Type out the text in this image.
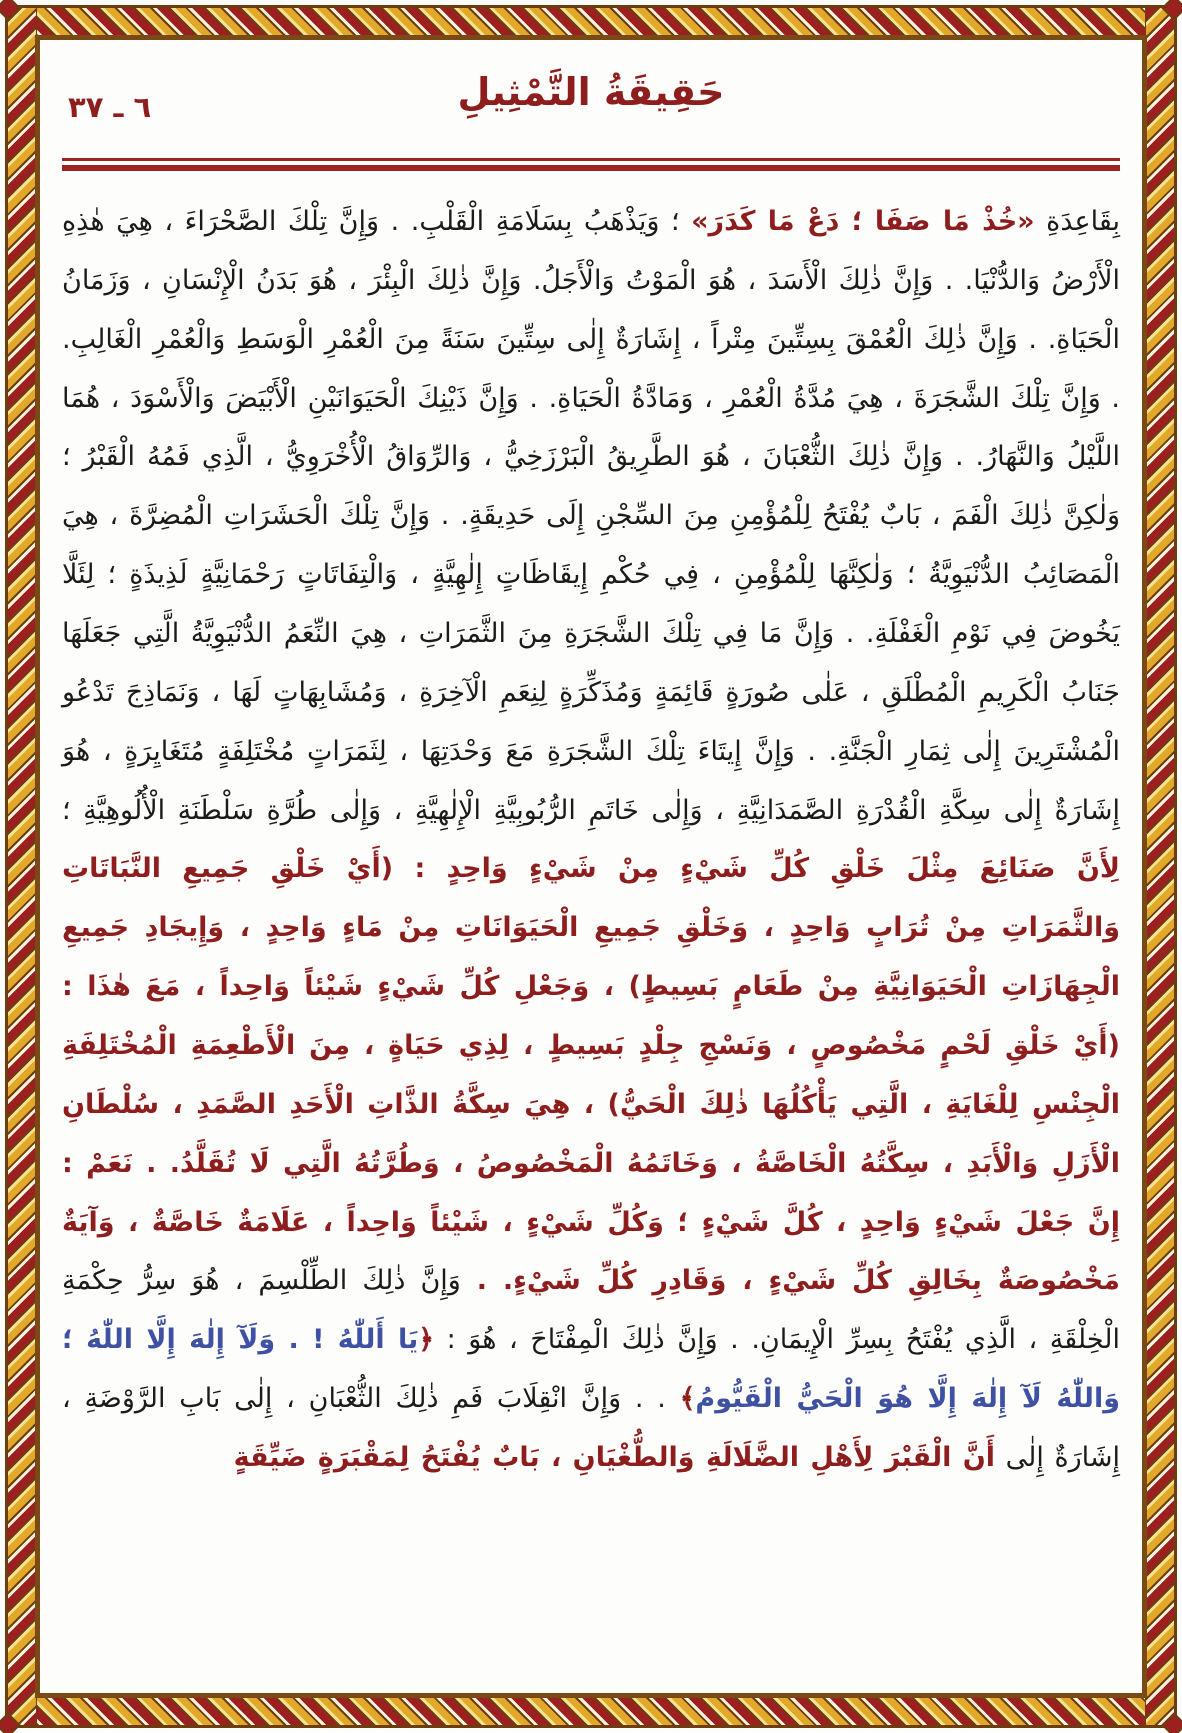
٦ ـ ٣٧	حَقِيقَةُ التَّمْثِيلِ

بِقَاعِدَةِ «خُذْ مَا صَفَا ؛ دَعْ مَا كَدَرَ» ؛ وَيَذْهَبُ بِسَلَامَةِ الْقَلْبِ. . وَإِنَّ تِلْكَ الصَّحْرَاءَ ، هِيَ هٰذِهِ الْأَرْضُ وَالدُّنْيَا. . وَإِنَّ ذٰلِكَ الْأَسَدَ ، هُوَ الْمَوْتُ وَالْأَجَلُ. وَإِنَّ ذٰلِكَ الْبِئْرَ ، هُوَ بَدَنُ الْإِنْسَانِ ، وَزَمَانُ الْحَيَاةِ. . وَإِنَّ ذٰلِكَ الْعُمْقَ بِسِتِّينَ مِتْراً ، إِشَارَةٌ إِلٰى سِتِّينَ سَنَةً مِنَ الْعُمْرِ الْوَسَطِ وَالْعُمْرِ الْغَالِبِ. . وَإِنَّ تِلْكَ الشَّجَرَةَ ، هِيَ مُدَّةُ الْعُمْرِ ، وَمَادَّةُ الْحَيَاةِ. . وَإِنَّ ذَيْنِكَ الْحَيَوَانَيْنِ الْأَبْيَضَ وَالْأَسْوَدَ ، هُمَا اللَّيْلُ وَالنَّهَارُ. . وَإِنَّ ذٰلِكَ الثُّعْبَانَ ، هُوَ الطَّرِيقُ الْبَرْزَخِيُّ ، وَالرِّوَاقُ الْأُخْرَوِيُّ ، الَّذِي فَمُهُ الْقَبْرُ ؛ وَلٰكِنَّ ذٰلِكَ الْفَمَ ، بَابٌ يُفْتَحُ لِلْمُؤْمِنِ مِنَ السِّجْنِ إِلَى حَدِيقَةٍ. . وَإِنَّ تِلْكَ الْحَشَرَاتِ الْمُضِرَّةَ ، هِيَ الْمَصَائِبُ الدُّنْيَوِيَّةُ ؛ وَلٰكِنَّهَا لِلْمُؤْمِنِ ، فِي حُكْمِ إِيقَاظَاتٍ إِلٰهِيَّةٍ ، وَالْتِفَاتَاتٍ رَحْمَانِيَّةٍ لَذِيذَةٍ ؛ لِئَلَّا يَخُوضَ فِي نَوْمِ الْغَفْلَةِ. . وَإِنَّ مَا فِي تِلْكَ الشَّجَرَةِ مِنَ الثَّمَرَاتِ ، هِيَ النِّعَمُ الدُّنْيَوِيَّةُ الَّتِي جَعَلَهَا جَنَابُ الْكَرِيمِ الْمُطْلَقِ ، عَلٰى صُورَةٍ قَائِمَةٍ وَمُذَكِّرَةٍ لِنِعَمِ الْآخِرَةِ ، وَمُشَابِهَاتٍ لَهَا ، وَنَمَاذِجَ تَدْعُو الْمُشْتَرِينَ إِلٰى ثِمَارِ الْجَنَّةِ. . وَإِنَّ إِيتَاءَ تِلْكَ الشَّجَرَةِ مَعَ وَحْدَتِهَا ، لِثَمَرَاتٍ مُخْتَلِفَةٍ مُتَغَايِرَةٍ ، هُوَ إِشَارَةٌ إِلٰى سِكَّةِ الْقُدْرَةِ الصَّمَدَانِيَّةِ ، وَإِلٰى خَاتَمِ الرُّبُوبِيَّةِ الْإِلٰهِيَّةِ ، وَإِلٰى طُرَّةِ سَلْطَنَةِ الْأُلُوهِيَّةِ ؛ لِأَنَّ صَنَائِعَ مِثْلَ خَلْقِ كُلِّ شَيْءٍ مِنْ شَيْءٍ وَاحِدٍ : (أَيْ خَلْقِ جَمِيعِ النَّبَاتَاتِ وَالثَّمَرَاتِ مِنْ تُرَابٍ وَاحِدٍ ، وَخَلْقِ جَمِيعِ الْحَيَوَانَاتِ مِنْ مَاءٍ وَاحِدٍ ، وَإِيجَادِ جَمِيعِ الْجِهَازَاتِ الْحَيَوَانِيَّةِ مِنْ طَعَامٍ بَسِيطٍ) ، وَجَعْلِ كُلِّ شَيْءٍ شَيْئاً وَاحِداً ، مَعَ هٰذَا : (أَيْ خَلْقِ لَحْمٍ مَخْصُوصٍ ، وَنَسْجِ جِلْدٍ بَسِيطٍ ، لِذِي حَيَاةٍ ، مِنَ الْأَطْعِمَةِ الْمُخْتَلِفَةِ الْجِنْسِ لِلْغَايَةِ ، الَّتِي يَأْكُلُهَا ذٰلِكَ الْحَيُّ) ، هِيَ سِكَّةُ الذَّاتِ الْأَحَدِ الصَّمَدِ ، سُلْطَانِ الْأَزَلِ وَالْأَبَدِ ، سِكَّتُهُ الْخَاصَّةُ ، وَخَاتَمُهُ الْمَخْصُوصُ ، وَطُرَّتُهُ الَّتِي لَا تُقَلَّدُ. . نَعَمْ : إِنَّ جَعْلَ شَيْءٍ وَاحِدٍ ، كُلَّ شَيْءٍ ؛ وَكُلِّ شَيْءٍ ، شَيْئاً وَاحِداً ، عَلَامَةٌ خَاصَّةٌ ، وَآيَةٌ مَخْصُوصَةٌ بِخَالِقِ كُلِّ شَيْءٍ ، وَقَادِرِ كُلِّ شَيْءٍ. . وَإِنَّ ذٰلِكَ الطِّلْسِمَ ، هُوَ سِرُّ حِكْمَةِ الْخِلْقَةِ ، الَّذِي يُفْتَحُ بِسِرِّ الْإِيمَانِ. . وَإِنَّ ذٰلِكَ الْمِفْتَاحَ ، هُوَ : ﴿يَا أَللّٰهُ ! . وَلَآ إِلٰهَ إِلَّا اللّٰهُ ؛ وَاللّٰهُ لَآ إِلٰهَ إِلَّا هُوَ الْحَيُّ الْقَيُّومُ﴾ . . وَإِنَّ انْقِلَابَ فَمِ ذٰلِكَ الثُّعْبَانِ ، إِلٰى بَابِ الرَّوْضَةِ ، إِشَارَةٌ إِلٰى أَنَّ الْقَبْرَ لِأَهْلِ الضَّلَالَةِ وَالطُّغْيَانِ ، بَابٌ يُفْتَحُ لِمَقْبَرَةٍ ضَيِّقَةٍ
